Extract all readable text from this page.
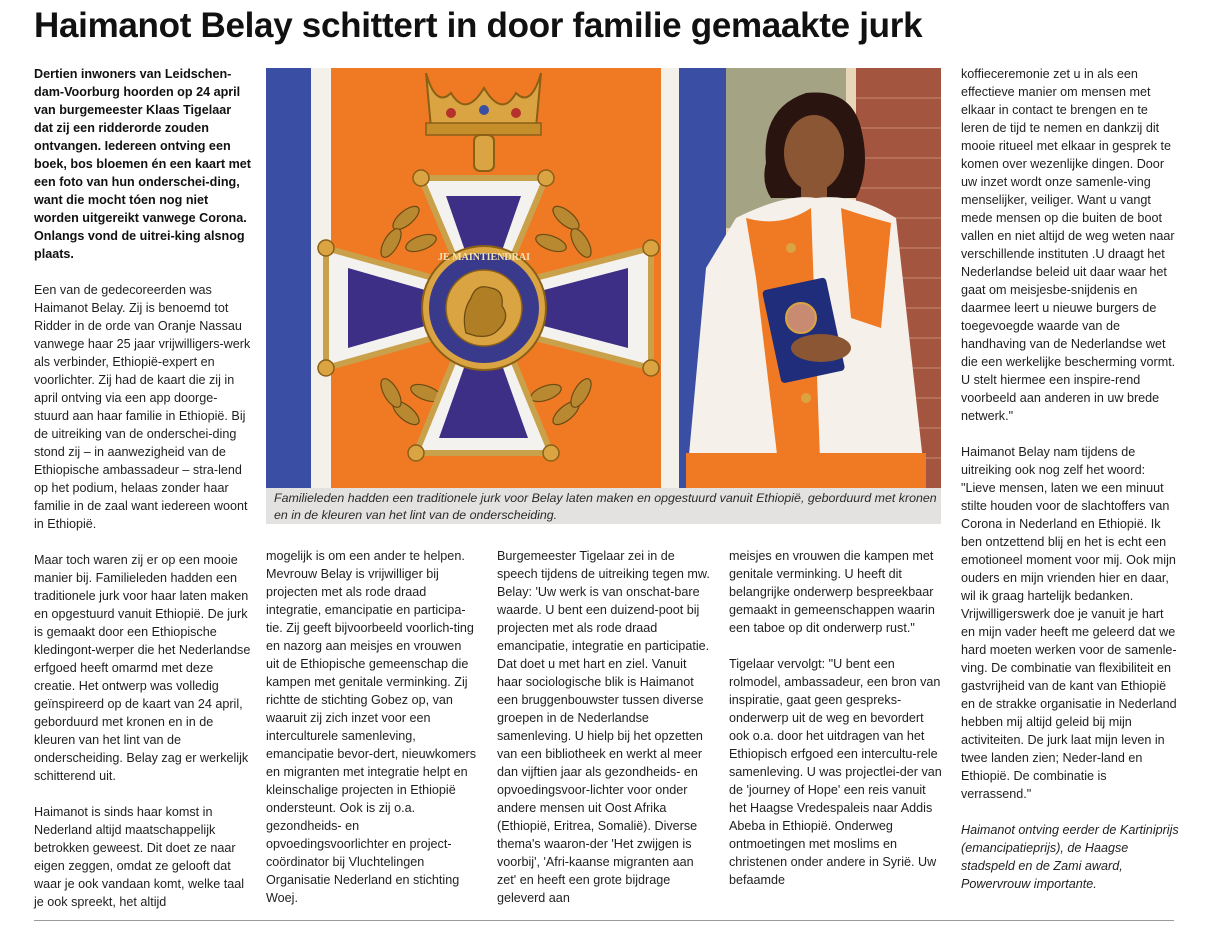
Haimanot Belay schittert in door familie gemaakte jurk

Dertien inwoners van Leidschen-dam-Voorburg hoorden op 24 april van burgemeester Klaas Tigelaar dat zij een ridderorde zouden ontvangen. Iedereen ontving een boek, bos bloemen én een kaart met een foto van hun onderschei-ding, want die mocht tóen nog niet worden uitgereikt vanwege Corona. Onlangs vond de uitrei-king alsnog plaats.

Een van de gedecoreerden was Haimanot Belay. Zij is benoemd tot Ridder in de orde van Oranje Nassau vanwege haar 25 jaar vrijwilligers-werk als verbinder, Ethiopië-expert en voorlichter. Zij had de kaart die zij in april ontving via een app doorge-stuurd aan haar familie in Ethiopië. Bij de uitreiking van de onderschei-ding stond zij – in aanwezigheid van de Ethiopische ambassadeur – stra-lend op het podium, helaas zonder haar familie in de zaal want iedereen woont in Ethiopië.

Maar toch waren zij er op een mooie manier bij. Familieleden hadden een traditionele jurk voor haar laten maken en opgestuurd vanuit Ethiopië. De jurk is gemaakt door een Ethiopische kledingont-werper die het Nederlandse erfgoed heeft omarmd met deze creatie. Het ontwerp was volledig geïnspireerd op de kaart van 24 april, geborduurd met kronen en in de kleuren van het lint van de onderscheiding. Belay zag er werkelijk schitterend uit.

Haimanot is sinds haar komst in Nederland altijd maatschappelijk betrokken geweest. Dit doet ze naar eigen zeggen, omdat ze gelooft dat waar je ook vandaan komt, welke taal je ook spreekt, het altijd

JE MAINTIENDRAI
Familieleden hadden een traditionele jurk voor Belay laten maken en opgestuurd vanuit Ethiopië, geborduurd met kronen en in de kleuren van het lint van de onderscheiding.

mogelijk is om een ander te helpen. Mevrouw Belay is vrijwilliger bij projecten met als rode draad integratie, emancipatie en participa-tie. Zij geeft bijvoorbeeld voorlich-ting en nazorg aan meisjes en vrouwen uit de Ethiopische gemeenschap die kampen met genitale verminking. Zij richtte de stichting Gobez op, van waaruit zij zich inzet voor een interculturele samenleving, emancipatie bevor-dert, nieuwkomers en migranten met integratie helpt en kleinschalige projecten in Ethiopië ondersteunt. Ook is zij o.a. gezondheids- en opvoedingsvoorlichter en project-coördinator bij Vluchtelingen Organisatie Nederland en stichting Woej.

Burgemeester Tigelaar zei in de speech tijdens de uitreiking tegen mw. Belay: 'Uw werk is van onschat-bare waarde. U bent een duizend-poot bij projecten met als rode draad emancipatie, integratie en participatie. Dat doet u met hart en ziel. Vanuit haar sociologische blik is Haimanot een bruggenbouwster tussen diverse groepen in de Nederlandse samenleving. U hielp bij het opzetten van een bibliotheek en werkt al meer dan vijftien jaar als gezondheids- en opvoedingsvoor-lichter voor onder andere mensen uit Oost Afrika (Ethiopië, Eritrea, Somalië). Diverse thema's waaron-der 'Het zwijgen is voorbij', 'Afri-kaanse migranten aan zet' en heeft een grote bijdrage geleverd aan

meisjes en vrouwen die kampen met genitale verminking. U heeft dit belangrijke onderwerp bespreekbaar gemaakt in gemeenschappen waarin een taboe op dit onderwerp rust."

Tigelaar vervolgt: "U bent een rolmodel, ambassadeur, een bron van inspiratie, gaat geen gespreks-onderwerp uit de weg en bevordert ook o.a. door het uitdragen van het Ethiopisch erfgoed een intercultu-rele samenleving. U was projectlei-der van de 'journey of Hope' een reis vanuit het Haagse Vredespaleis naar Addis Abeba in Ethiopië. Onderweg ontmoetingen met moslims en christenen onder andere in Syrië. Uw befaamde

koffieceremonie zet u in als een effectieve manier om mensen met elkaar in contact te brengen en te leren de tijd te nemen en dankzij dit mooie ritueel met elkaar in gesprek te komen over wezenlijke dingen. Door uw inzet wordt onze samenle-ving menselijker, veiliger. Want u vangt mede mensen op die buiten de boot vallen en niet altijd de weg weten naar verschillende instituten .U draagt het Nederlandse beleid uit daar waar het gaat om meisjesbe-snijdenis en daarmee leert u nieuwe burgers de toegevoegde waarde van de handhaving van de Nederlandse wet die een werkelijke bescherming vormt. U stelt hiermee een inspire-rend voorbeeld aan anderen in uw brede netwerk."

Haimanot Belay nam tijdens de uitreiking ook nog zelf het woord: "Lieve mensen, laten we een minuut stilte houden voor de slachtoffers van Corona in Nederland en Ethiopië. Ik ben ontzettend blij en het is echt een emotioneel moment voor mij. Ook mijn ouders en mijn vrienden hier en daar, wil ik graag hartelijk bedanken. Vrijwilligerswerk doe je vanuit je hart en mijn vader heeft me geleerd dat we hard moeten werken voor de samenle-ving. De combinatie van flexibiliteit en gastvrijheid van de kant van Ethiopië en de strakke organisatie in Nederland hebben mij altijd geleid bij mijn activiteiten. De jurk laat mijn leven in twee landen zien; Neder-land en Ethiopië. De combinatie is verrassend."

Haimanot ontving eerder de Kartiniprijs (emancipatieprijs), de Haagse stadspeld en de Zami award, Powervrouw importante.
